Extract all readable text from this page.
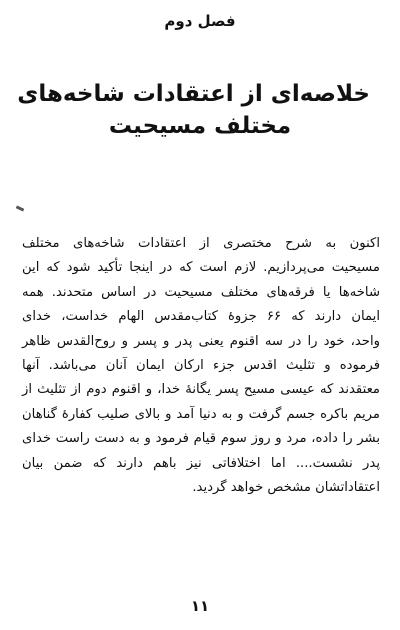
فصل دوم
خلاصه‌ای از اعتقادات شاخه‌های
مختلف مسیحیت

اکنون به شرح مختصری از اعتقادات شاخه‌های مختلف
مسیحیت می‌پردازیم. لازم است که در اینجا تأکید شود که این
شاخه‌ها یا فرقه‌های مختلف مسیحیت در اساس متحدند. همه
ایمان دارند که ۶۶ جزوهٔ کتاب‌مقدس الهام خداست، خدای
واحد، خود را در سه اقنوم یعنی پدر و پسر و روح‌القدس ظاهر
فرموده و تثلیث اقدس جزء ارکان ایمان آنان می‌باشد. آنها
معتقدند که عیسی مسیح پسر یگانهٔ خدا، و اقنوم دوم از تثلیث از
مریم باکره جسم گرفت و به دنیا آمد و بالای صلیب کفارهٔ گناهان
بشر را داده، مرد و روز سوم قیام فرمود و به دست راست خدای
پدر نشست.... اما اختلافاتی نیز باهم دارند که ضمن بیان
اعتقاداتشان مشخص خواهد گردید.

۱۱
